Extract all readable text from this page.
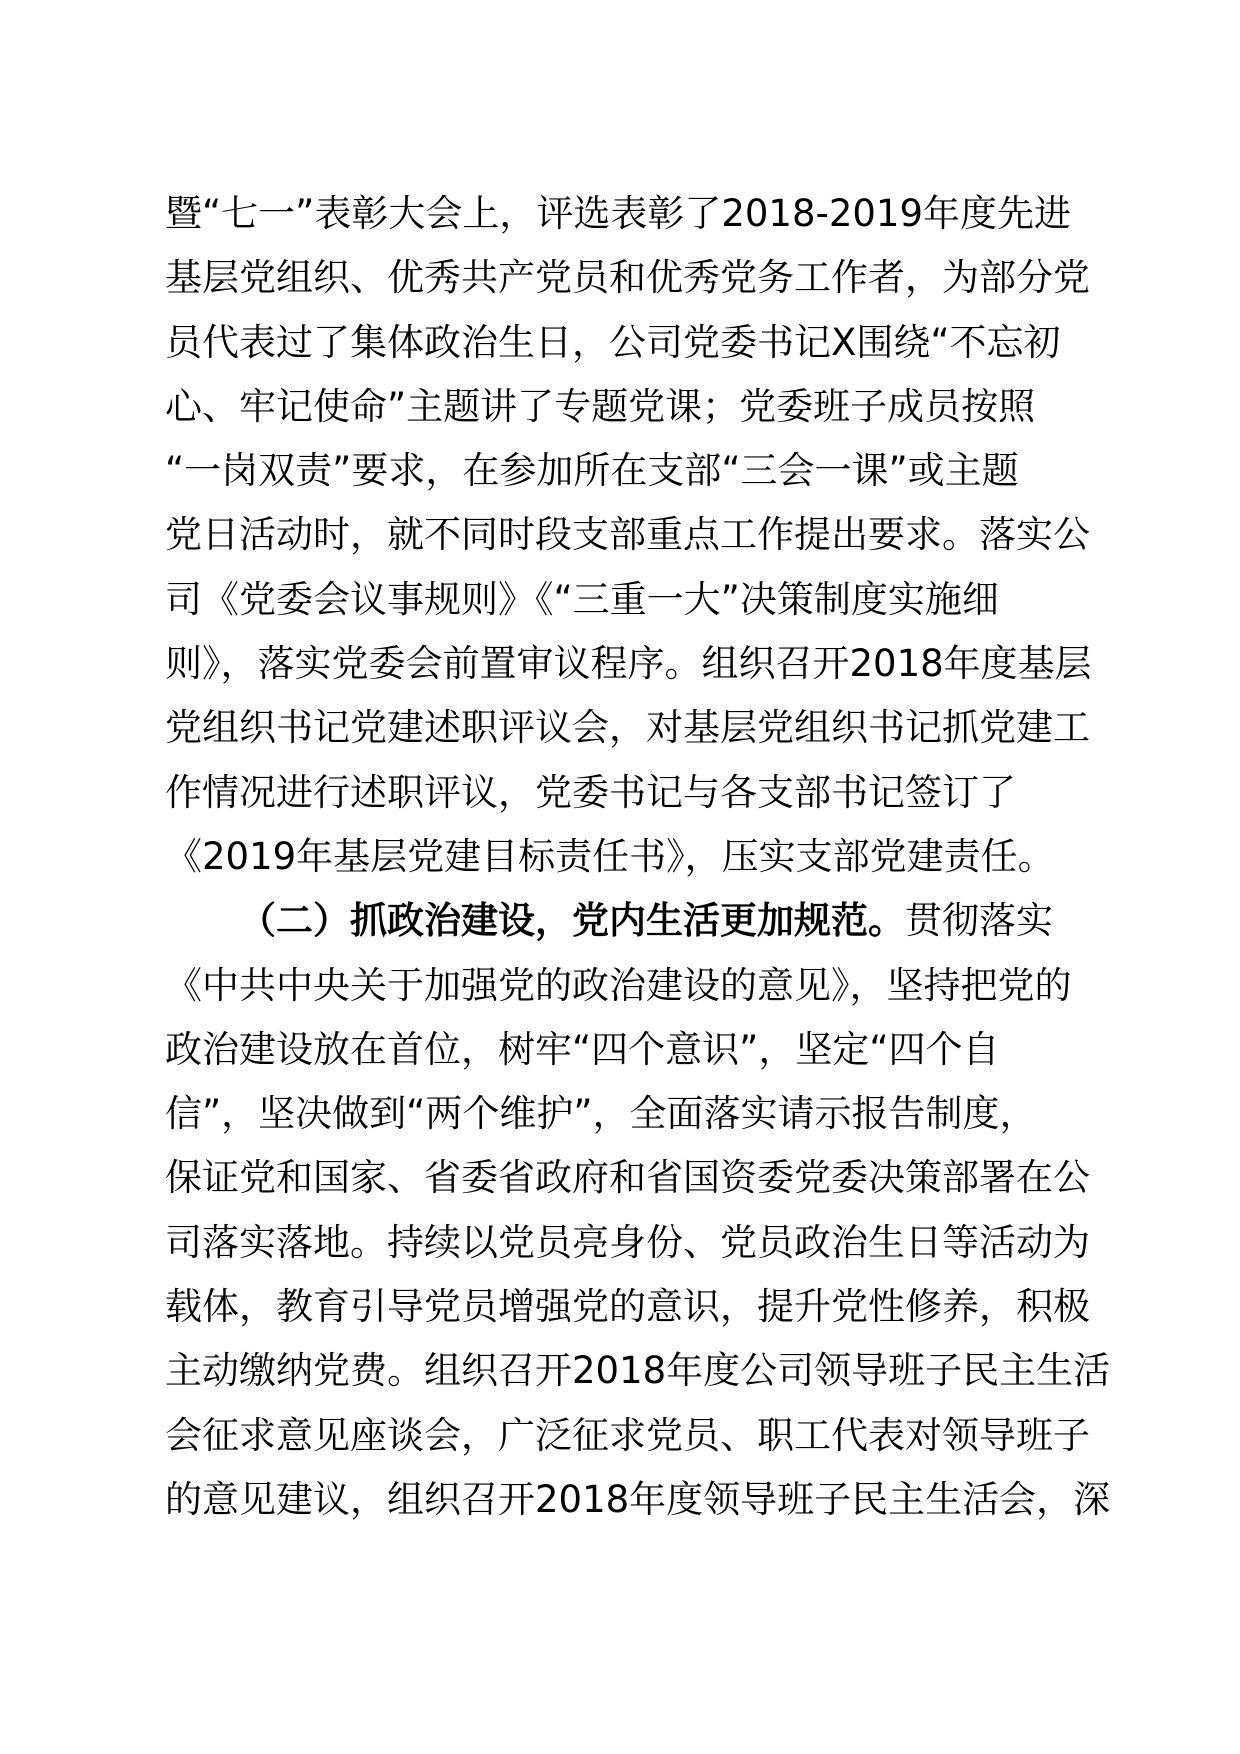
暨“七一”表彰大会上，评选表彰了2018-2019年度先进
基层党组织、优秀共产党员和优秀党务工作者，为部分党
员代表过了集体政治生日，公司党委书记X围绕“不忘初
心、牢记使命”主题讲了专题党课；党委班子成员按照
“一岗双责”要求，在参加所在支部“三会一课”或主题
党日活动时，就不同时段支部重点工作提出要求。落实公
司《党委会议事规则》《“三重一大”决策制度实施细
则》，落实党委会前置审议程序。组织召开2018年度基层
党组织书记党建述职评议会，对基层党组织书记抓党建工
作情况进行述职评议，党委书记与各支部书记签订了
《2019年基层党建目标责任书》，压实支部党建责任。
（二）抓政治建设，党内生活更加规范。贯彻落实
《中共中央关于加强党的政治建设的意见》，坚持把党的
政治建设放在首位，树牢“四个意识”，坚定“四个自
信”，坚决做到“两个维护”，全面落实请示报告制度，
保证党和国家、省委省政府和省国资委党委决策部署在公
司落实落地。持续以党员亮身份、党员政治生日等活动为
载体，教育引导党员增强党的意识，提升党性修养，积极
主动缴纳党费。组织召开2018年度公司领导班子民主生活
会征求意见座谈会，广泛征求党员、职工代表对领导班子
的意见建议，组织召开2018年度领导班子民主生活会，深
